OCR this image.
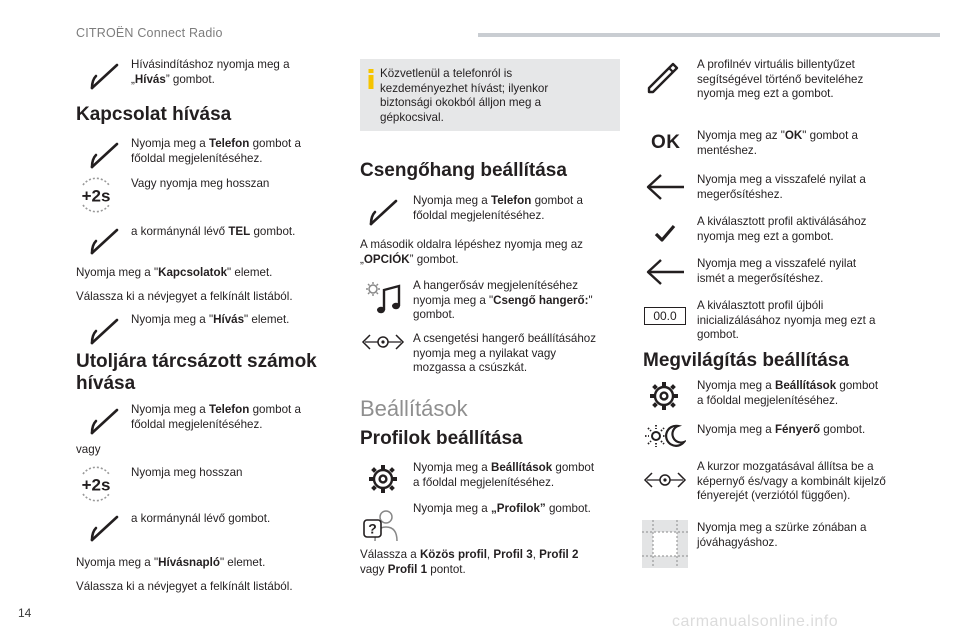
CITROËN Connect Radio
14	carmanualsonline.info
Hívásindításhoz nyomja meg a
„Hívás” gombot.
Kapcsolat hívása
Nyomja meg a Telefon gombot a
főoldal megjelenítéséhez.
+2s
Vagy nyomja meg hosszan
a kormánynál lévő TEL gombot.
Nyomja meg a "Kapcsolatok" elemet.
Válassza ki a névjegyet a felkínált listából.
Nyomja meg a "Hívás" elemet.
Utoljára tárcsázott számok
hívása
Nyomja meg a Telefon gombot a
főoldal megjelenítéséhez.
vagy
+2s
Nyomja meg hosszan
a kormánynál lévő gombot.
Nyomja meg a "Hívásnapló" elemet.
Válassza ki a névjegyet a felkínált listából.
Közvetlenül a telefonról is
kezdeményezhet hívást; ilyenkor
biztonsági okokból álljon meg a
gépkocsival.
Csengőhang beállítása
Nyomja meg a Telefon gombot a
főoldal megjelenítéséhez.
A második oldalra lépéshez nyomja meg az
„OPCIÓK” gombot.
A hangerősáv megjelenítéséhez
nyomja meg a "Csengő hangerő:"
gombot.
A csengetési hangerő beállításához
nyomja meg a nyilakat vagy
mozgassa a csúszkát.
Beállítások
Profilok beállítása
Nyomja meg a Beállítások gombot
a főoldal megjelenítéséhez.
?
Nyomja meg a „Profilok” gombot.
Válassza a Közös profil, Profil 3, Profil 2
vagy Profil 1 pontot.
A profilnév virtuális billentyűzet
segítségével történő beviteléhez
nyomja meg ezt a gombot.
OK Nyomja meg az "OK" gombot a
mentéshez.
Nyomja meg a visszafelé nyilat a
megerősítéshez.
A kiválasztott profil aktiválásához
nyomja meg ezt a gombot.
Nyomja meg a visszafelé nyilat
ismét a megerősítéshez.
00.0
A kiválasztott profil újbóli
inicializálásához nyomja meg ezt a
gombot.
Megvilágítás beállítása
Nyomja meg a Beállítások gombot
a főoldal megjelenítéséhez.
Nyomja meg a Fényerő gombot.
A kurzor mozgatásával állítsa be a
képernyő és/vagy a kombinált kijelző
fényerejét (verziótól függően).
Nyomja meg a szürke zónában a
jóváhagyáshoz.
